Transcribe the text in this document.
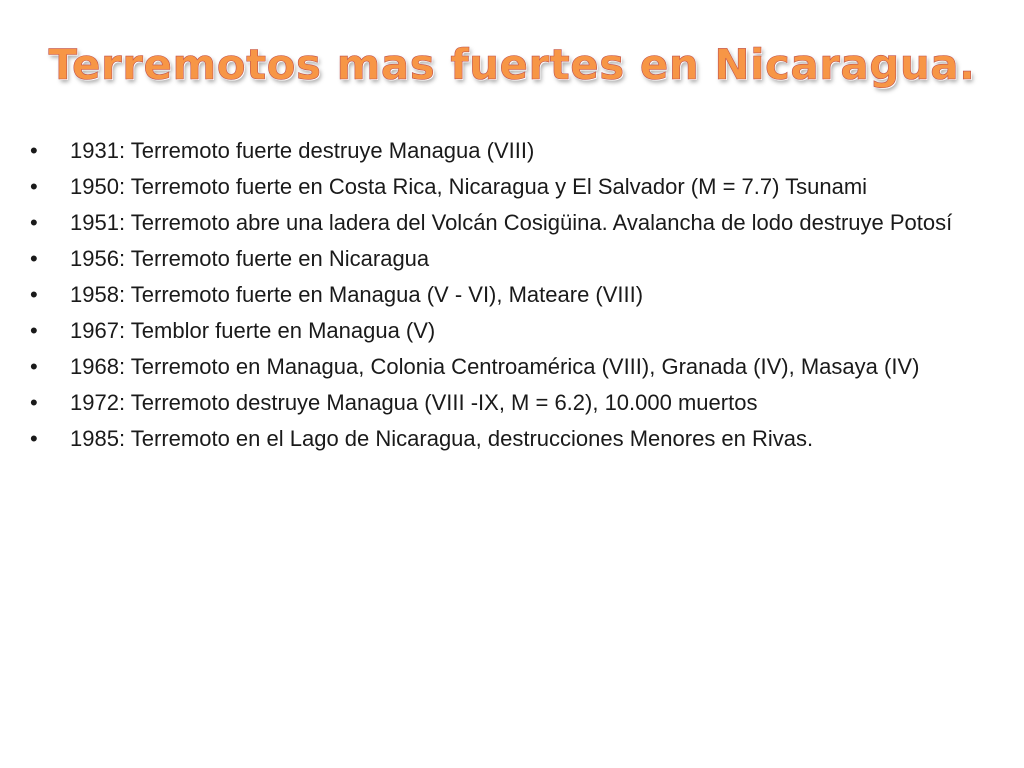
Terremotos mas fuertes en Nicaragua.
•	1931: Terremoto fuerte destruye Managua (VIII)
•	1950: Terremoto fuerte en Costa Rica, Nicaragua y El Salvador (M = 7.7) Tsunami
•	1951: Terremoto abre una ladera del Volcán Cosigüina. Avalancha de lodo destruye Potosí
•	1956: Terremoto fuerte en Nicaragua
•	1958: Terremoto fuerte en Managua (V - VI), Mateare (VIII)
•	1967: Temblor fuerte en Managua (V)
•	1968: Terremoto en Managua, Colonia Centroamérica (VIII), Granada (IV), Masaya (IV)
•	1972: Terremoto destruye Managua (VIII -IX, M = 6.2), 10.000 muertos
•	1985: Terremoto en el Lago de Nicaragua, destrucciones Menores en Rivas.
